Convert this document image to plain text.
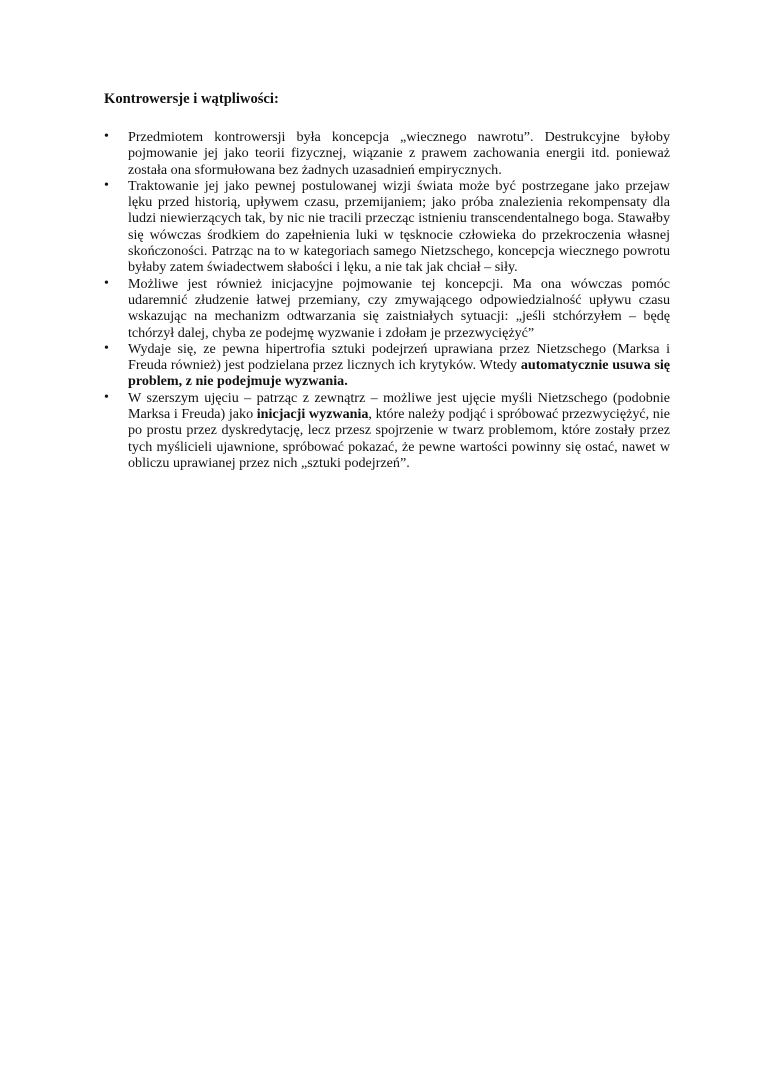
Kontrowersje i wątpliwości:
•	Przedmiotem kontrowersji była koncepcja „wiecznego nawrotu”. Destrukcyjne byłoby pojmowanie jej jako teorii fizycznej, wiązanie z prawem zachowania energii itd. ponieważ została ona sformułowana bez żadnych uzasadnień empirycznych.
•	Traktowanie jej jako pewnej postulowanej wizji świata może być postrzegane jako przejaw lęku przed historią, upływem czasu, przemijaniem; jako próba znalezienia rekompensaty dla ludzi niewierzących tak, by nic nie tracili przecząc istnieniu transcendentalnego boga. Stawałby się wówczas środkiem do zapełnienia luki w tęsknocie człowieka do przekroczenia własnej skończoności. Patrząc na to w kategoriach samego Nietzschego, koncepcja wiecznego powrotu byłaby zatem świadectwem słabości i lęku, a nie tak jak chciał – siły.
•	Możliwe jest również inicjacyjne pojmowanie tej koncepcji. Ma ona wówczas pomóc udaremnić złudzenie łatwej przemiany, czy zmywającego odpowiedzialność upływu czasu wskazując na mechanizm odtwarzania się zaistniałych sytuacji: „jeśli stchórzyłem – będę tchórzył dalej, chyba ze podejmę wyzwanie i zdołam je przezwyciężyć”
•	Wydaje się, ze pewna hipertrofia sztuki podejrzeń uprawiana przez Nietzschego (Marksa i Freuda również) jest podzielana przez licznych ich krytyków. Wtedy automatycznie usuwa się problem, z nie podejmuje wyzwania.
•	W szerszym ujęciu – patrząc z zewnątrz – możliwe jest ujęcie myśli Nietzschego (podobnie Marksa i Freuda) jako inicjacji wyzwania, które należy podjąć i spróbować przezwyciężyć, nie po prostu przez dyskredytację, lecz przesz spojrzenie w twarz problemom, które zostały przez tych myślicieli ujawnione, spróbować pokazać, że pewne wartości powinny się ostać, nawet w obliczu uprawianej przez nich „sztuki podejrzeń”.
